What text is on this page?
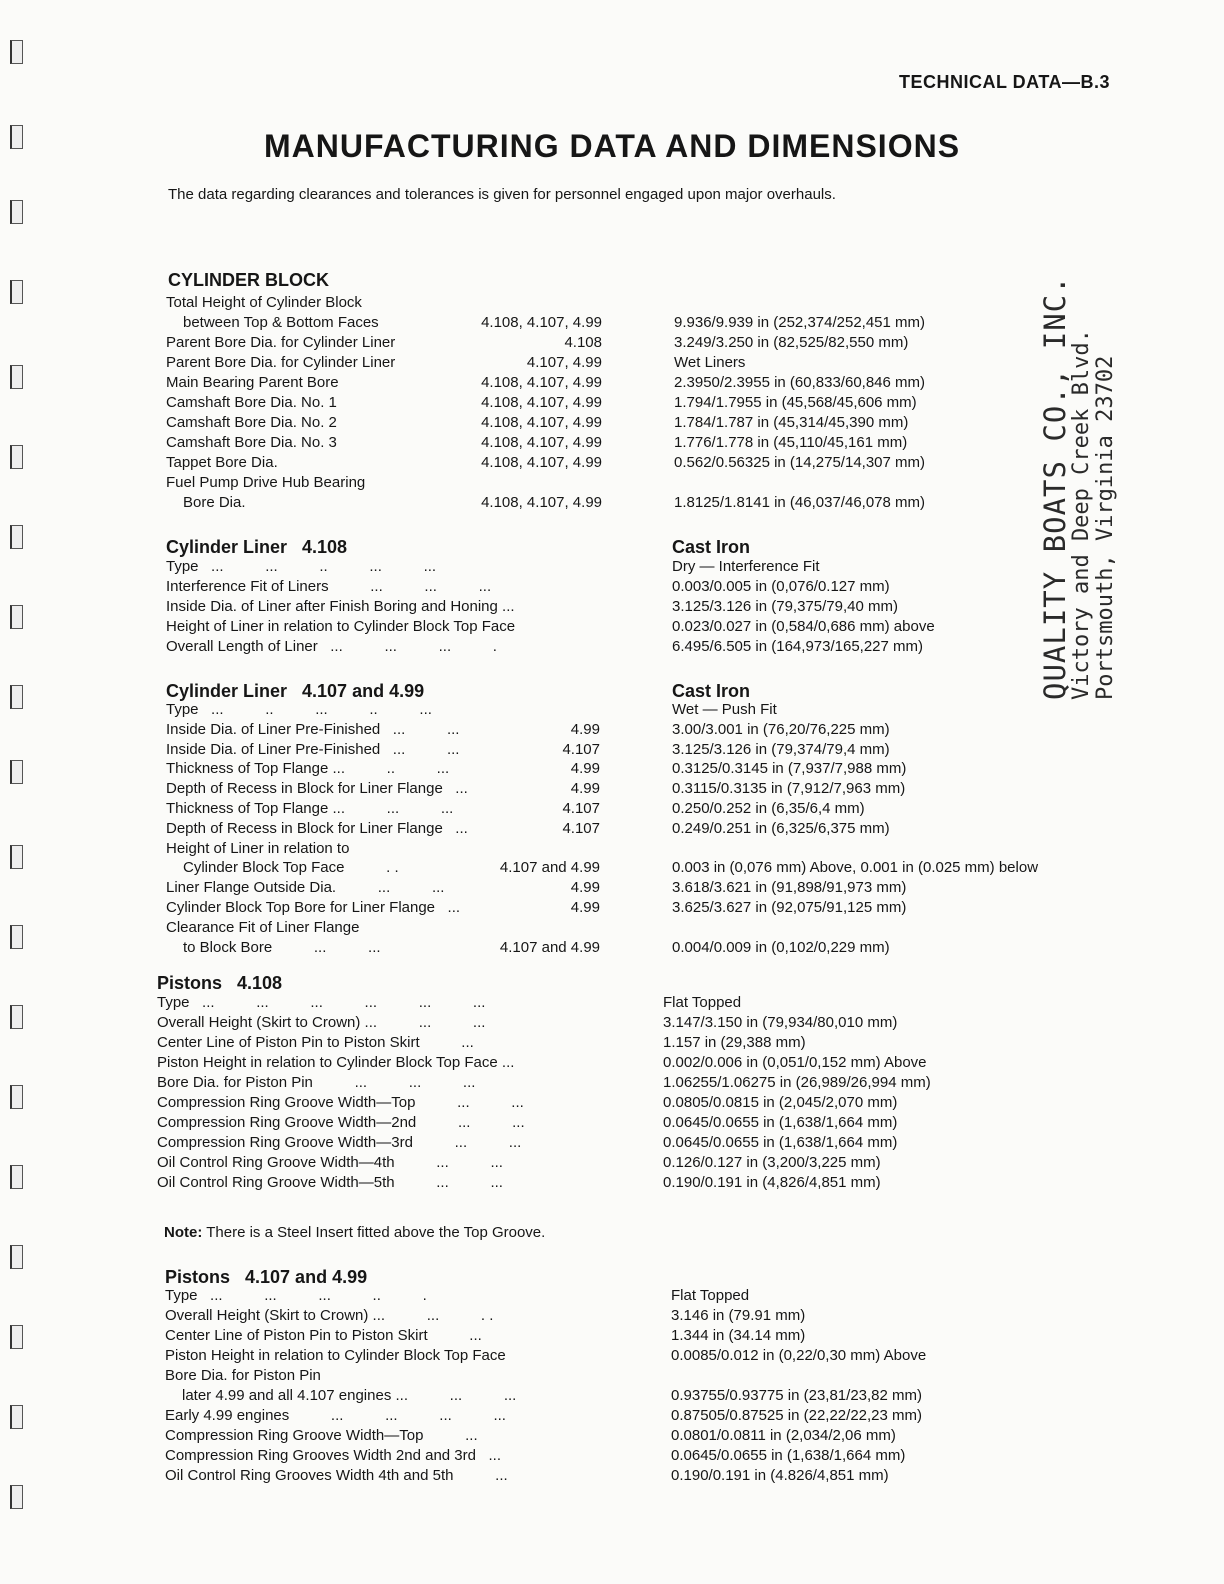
TECHNICAL DATA—B.3
MANUFACTURING DATA AND DIMENSIONS
The data regarding clearances and tolerances is given for personnel engaged upon major overhauls.
QUALITY BOATS CO., INC.
Victory and Deep Creek Blvd.
Portsmouth, Virginia 23702
CYLINDER BLOCK
Total Height of Cylinder Block
between Top & Bottom Faces	4.108, 4.107, 4.99	9.936/9.939 in (252,374/252,451 mm)
Parent Bore Dia. for Cylinder Liner	4.108	3.249/3.250 in (82,525/82,550 mm)
Parent Bore Dia. for Cylinder Liner	4.107, 4.99	Wet Liners
Main Bearing Parent Bore	4.108, 4.107, 4.99	2.3950/2.3955 in (60,833/60,846 mm)
Camshaft Bore Dia. No. 1	4.108, 4.107, 4.99	1.794/1.7955 in (45,568/45,606 mm)
Camshaft Bore Dia. No. 2	4.108, 4.107, 4.99	1.784/1.787 in (45,314/45,390 mm)
Camshaft Bore Dia. No. 3	4.108, 4.107, 4.99	1.776/1.778 in (45,110/45,161 mm)
Tappet Bore Dia.	4.108, 4.107, 4.99	0.562/0.56325 in (14,275/14,307 mm)
Fuel Pump Drive Hub Bearing
Bore Dia.	4.108, 4.107, 4.99	1.8125/1.8141 in (46,037/46,078 mm)
Cylinder Liner   4.108	Cast Iron
Type   ...          ...          ..          ...          ...	Dry — Interference Fit
Interference Fit of Liners          ...          ...          ...	0.003/0.005 in (0,076/0.127 mm)
Inside Dia. of Liner after Finish Boring and Honing ...	3.125/3.126 in (79,375/79,40 mm)
Height of Liner in relation to Cylinder Block Top Face	0.023/0.027 in (0,584/0,686 mm) above
Overall Length of Liner   ...          ...          ...          .	6.495/6.505 in (164,973/165,227 mm)
Cylinder Liner   4.107 and 4.99	Cast Iron
Type   ...          ..          ...          ..          ...	Wet — Push Fit
Inside Dia. of Liner Pre-Finished   ...          ...	4.99	3.00/3.001 in (76,20/76,225 mm)
Inside Dia. of Liner Pre-Finished   ...          ...	4.107	3.125/3.126 in (79,374/79,4 mm)
Thickness of Top Flange ...          ..          ...	4.99	0.3125/0.3145 in (7,937/7,988 mm)
Depth of Recess in Block for Liner Flange   ...	4.99	0.3115/0.3135 in (7,912/7,963 mm)
Thickness of Top Flange ...          ...          ...	4.107	0.250/0.252 in (6,35/6,4 mm)
Depth of Recess in Block for Liner Flange   ...	4.107	0.249/0.251 in (6,325/6,375 mm)
Height of Liner in relation to
Cylinder Block Top Face          . .	4.107 and 4.99	0.003 in (0,076 mm) Above, 0.001 in (0.025 mm) below
Liner Flange Outside Dia.          ...          ...	4.99	3.618/3.621 in (91,898/91,973 mm)
Cylinder Block Top Bore for Liner Flange   ...	4.99	3.625/3.627 in (92,075/91,125 mm)
Clearance Fit of Liner Flange
to Block Bore          ...          ...	4.107 and 4.99	0.004/0.009 in (0,102/0,229 mm)
Pistons   4.108
Type   ...          ...          ...          ...          ...          ...	Flat Topped
Overall Height (Skirt to Crown) ...          ...          ...	3.147/3.150 in (79,934/80,010 mm)
Center Line of Piston Pin to Piston Skirt          ...	1.157 in (29,388 mm)
Piston Height in relation to Cylinder Block Top Face ...	0.002/0.006 in (0,051/0,152 mm) Above
Bore Dia. for Piston Pin          ...          ...          ...	1.06255/1.06275 in (26,989/26,994 mm)
Compression Ring Groove Width—Top          ...          ...	0.0805/0.0815 in (2,045/2,070 mm)
Compression Ring Groove Width—2nd          ...          ...	0.0645/0.0655 in (1,638/1,664 mm)
Compression Ring Groove Width—3rd          ...          ...	0.0645/0.0655 in (1,638/1,664 mm)
Oil Control Ring Groove Width—4th          ...          ...	0.126/0.127 in (3,200/3,225 mm)
Oil Control Ring Groove Width—5th          ...          ...	0.190/0.191 in (4,826/4,851 mm)
Pistons   4.107 and 4.99
Type   ...          ...          ...          ..          .	Flat Topped
Overall Height (Skirt to Crown) ...          ...          . .	3.146 in (79.91 mm)
Center Line of Piston Pin to Piston Skirt          ...	1.344 in (34.14 mm)
Piston Height in relation to Cylinder Block Top Face	0.0085/0.012 in (0,22/0,30 mm) Above
Bore Dia. for Piston Pin
later 4.99 and all 4.107 engines ...          ...          ...	0.93755/0.93775 in (23,81/23,82 mm)
Early 4.99 engines          ...          ...          ...          ...	0.87505/0.87525 in (22,22/22,23 mm)
Compression Ring Groove Width—Top          ...	0.0801/0.0811 in (2,034/2,06 mm)
Compression Ring Grooves Width 2nd and 3rd   ...	0.0645/0.0655 in (1,638/1,664 mm)
Oil Control Ring Grooves Width 4th and 5th          ...	0.190/0.191 in (4.826/4,851 mm)
Note: There is a Steel Insert fitted above the Top Groove.
